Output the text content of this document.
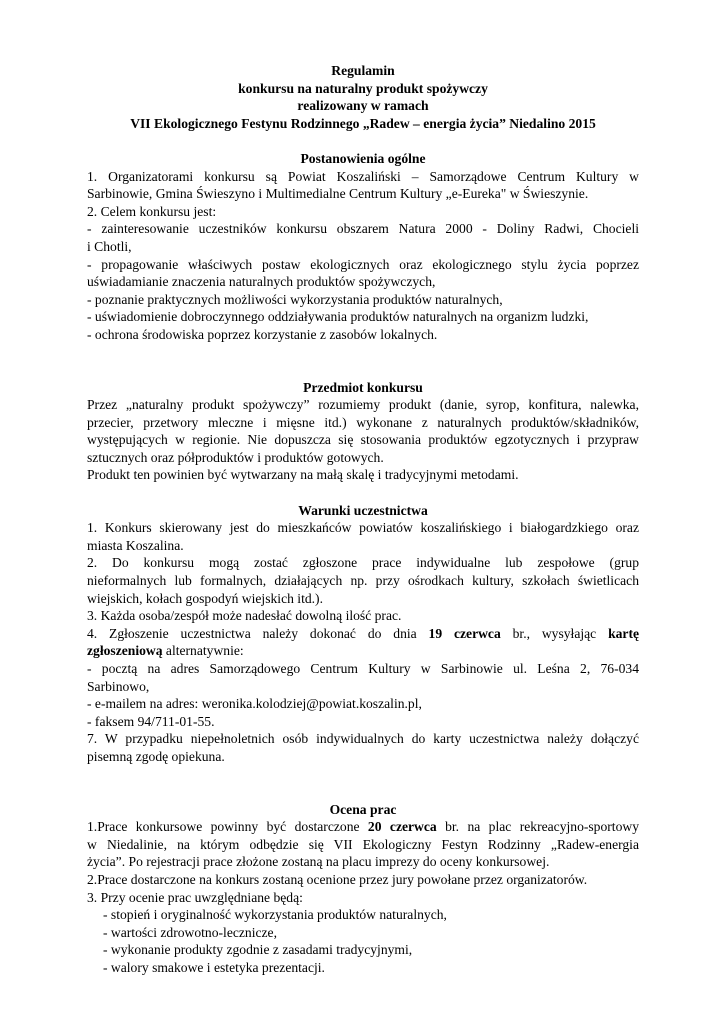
Regulamin

konkursu na naturalny produkt spożywczy

realizowany w ramach

VII Ekologicznego Festynu Rodzinnego „Radew – energia życia” Niedalino 2015

Postanowienia ogólne

1. Organizatorami konkursu są Powiat Koszaliński – Samorządowe Centrum Kultury w

Sarbinowie, Gmina Świeszyno i Multimedialne Centrum Kultury „e-Eureka" w Świeszynie.

2. Celem konkursu jest:

- zainteresowanie uczestników konkursu obszarem Natura 2000 - Doliny Radwi, Chocieli

i Chotli,

- propagowanie właściwych postaw ekologicznych oraz ekologicznego stylu życia poprzez

uświadamianie znaczenia naturalnych produktów spożywczych,

- poznanie praktycznych możliwości wykorzystania produktów naturalnych,

- uświadomienie dobroczynnego oddziaływania produktów naturalnych na organizm ludzki,

- ochrona środowiska poprzez korzystanie z zasobów lokalnych.

Przedmiot konkursu

Przez „naturalny produkt spożywczy” rozumiemy produkt (danie, syrop, konfitura, nalewka,

przecier, przetwory mleczne i mięsne itd.) wykonane z naturalnych produktów/składników,

występujących w regionie. Nie dopuszcza się stosowania produktów egzotycznych i przypraw

sztucznych oraz półproduktów i produktów gotowych.

Produkt ten powinien być wytwarzany na małą skalę i tradycyjnymi metodami.

Warunki uczestnictwa

1. Konkurs skierowany jest do mieszkańców powiatów koszalińskiego i białogardzkiego oraz

miasta Koszalina.

2. Do konkursu mogą zostać zgłoszone prace indywidualne lub zespołowe (grup

nieformalnych lub formalnych, działających np. przy ośrodkach kultury, szkołach świetlicach

wiejskich, kołach gospodyń wiejskich itd.).

3. Każda osoba/zespół może nadesłać dowolną ilość prac.

4. Zgłoszenie uczestnictwa należy dokonać do dnia 19 czerwca br., wysyłając kartę

zgłoszeniową alternatywnie:

- pocztą na adres Samorządowego Centrum Kultury w Sarbinowie ul. Leśna 2, 76-034

Sarbinowo,

- e-mailem na adres: weronika.kolodziej@powiat.koszalin.pl,

- faksem 94/711-01-55.

7. W przypadku niepełnoletnich osób indywidualnych do karty uczestnictwa należy dołączyć

pisemną zgodę opiekuna.

Ocena prac

1.Prace konkursowe powinny być dostarczone 20 czerwca br. na plac rekreacyjno-sportowy

w Niedalinie, na którym odbędzie się VII Ekologiczny Festyn Rodzinny „Radew-energia

życia”. Po rejestracji prace złożone zostaną na placu imprezy do oceny konkursowej.

2.Prace dostarczone na konkurs zostaną ocenione przez jury powołane przez organizatorów.

3. Przy ocenie prac uwzględniane będą:

- stopień i oryginalność wykorzystania produktów naturalnych,

- wartości zdrowotno-lecznicze,

- wykonanie produkty zgodnie z zasadami tradycyjnymi,

- walory smakowe i estetyka prezentacji.
